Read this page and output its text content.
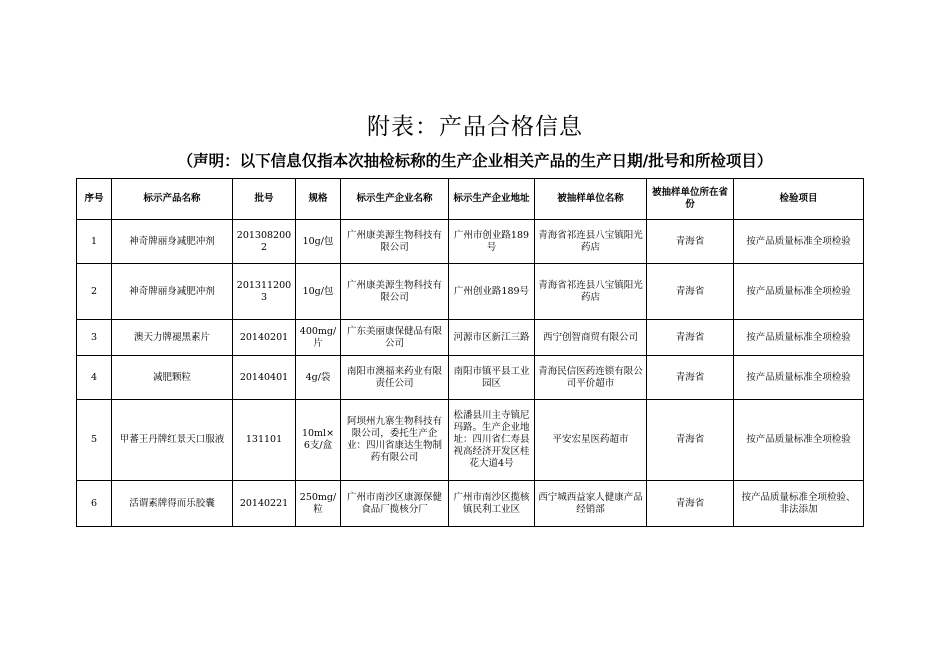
附表：产品合格信息
（声明：以下信息仅指本次抽检标称的生产企业相关产品的生产日期/批号和所检项目）
序号	标示产品名称	批号	规格	标示生产企业名称	标示生产企业地址	被抽样单位名称	被抽样单位所在省份	检验项目
1	神奇牌丽身减肥冲剂	2013082002	10g/包	广州康美源生物科技有限公司	广州市创业路189号	青海省祁连县八宝镇阳光药店	青海省	按产品质量标准全项检验
2	神奇牌丽身减肥冲剂	2013112003	10g/包	广州康美源生物科技有限公司	广州创业路189号	青海省祁连县八宝镇阳光药店	青海省	按产品质量标准全项检验
3	澳天力牌褪黑素片	20140201	400mg/片	广东美丽康保健品有限公司	河源市区新江三路	西宁创智商贸有限公司	青海省	按产品质量标准全项检验
4	减肥颗粒	20140401	4g/袋	南阳市澳福来药业有限责任公司	南阳市镇平县工业园区	青海民信医药连锁有限公司平价超市	青海省	按产品质量标准全项检验
5	甲蕃王丹牌红景天口服液	131101	10ml×6支/盒	阿坝州九寨生物科技有限公司，委托生产企业：四川省康达生物制药有限公司	松潘县川主寺镇尼玛路。生产企业地址：四川省仁寿县视高经济开发区桂花大道4号	平安宏星医药超市	青海省	按产品质量标准全项检验
6	活谓素牌得而乐胶囊	20140221	250mg/粒	广州市南沙区康源保健食品厂揽核分厂	广州市南沙区揽核镇民利工业区	西宁城西益家人健康产品经销部	青海省	按产品质量标准全项检验、非法添加
